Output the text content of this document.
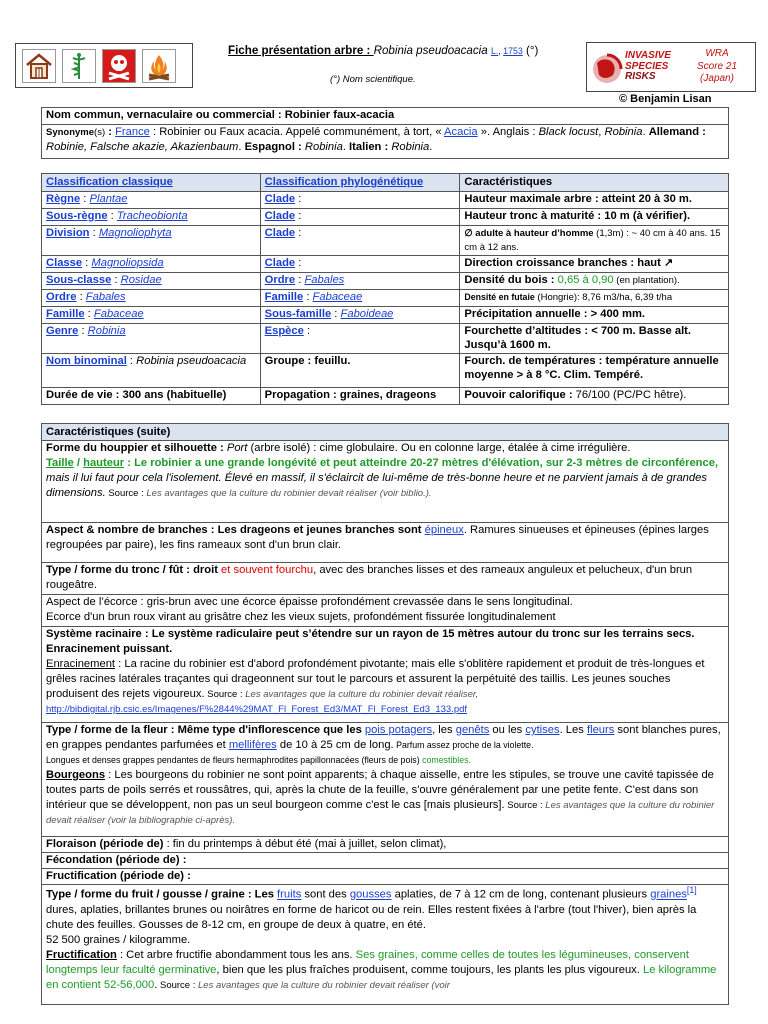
Fiche présentation arbre : Robinia pseudoacacia L., 1753 (°)
(°) Nom scientifique.
INVASIVE
SPECIES
RISKS
WRA
Score 21
(Japan)
© Benjamin Lisan
Nom commun, vernaculaire ou commercial : Robinier faux-acacia
Synonyme(s) : France : Robinier ou Faux acacia. Appelé communément, à tort, « Acacia ». Anglais : Black locust, Robinia. Allemand : Robinie, Falsche akazie, Akazienbaum. Espagnol : Robinia. Italien : Robinia.
Classification classique	Classification phylogénétique	Caractéristiques
Règne : Plantae	Clade :	Hauteur maximale arbre : atteint 20 à 30 m.
Sous-règne : Tracheobionta	Clade :	Hauteur tronc à maturité : 10 m (à vérifier).
Division : Magnoliophyta	Clade :	∅ adulte à hauteur d’homme (1,3m) : ~ 40 cm à 40 ans. 15 cm à 12 ans.
Classe : Magnoliopsida	Clade :	Direction croissance branches : haut ↗
Sous-classe : Rosidae	Ordre : Fabales	Densité du bois : 0,65 à 0,90 (en plantation).
Ordre : Fabales	Famille : Fabaceae	Densité en futaie (Hongrie): 8,76 m3/ha, 6,39 t/ha
Famille : Fabaceae	Sous-famille : Faboideae	Précipitation annuelle : > 400 mm.
Genre : Robinia	Espèce :	Fourchette d’altitudes : < 700 m. Basse alt. Jusqu’à 1600 m.
Nom binominal : Robinia pseudoacacia	Groupe : feuillu.	Fourch. de températures : température annuelle moyenne > à 8 °C. Clim. Tempéré.
Durée de vie : 300 ans (habituelle)	Propagation : graines, drageons	Pouvoir calorifique : 76/100 (PC/PC hêtre).
Caractéristiques (suite)
Forme du houppier et silhouette : Port (arbre isolé) : cime globulaire. Ou en colonne large, étalée à cime irrégulière.
Taille / hauteur : Le robinier a une grande longévité et peut atteindre 20-27 mètres d'élévation, sur 2-3 mètres de circonférence, mais il lui faut pour cela l'isolement. Élevé en massif, il s'éclaircit de lui-même de très-bonne heure et ne parvient jamais à de grandes dimensions. Source : Les avantages que la culture du robinier devait réaliser (voir biblio.).
Aspect & nombre de branches : Les drageons et jeunes branches sont épineux. Ramures sinueuses et épineuses (épines larges regroupées par paire), les fins rameaux sont d'un brun clair.
Type / forme du tronc / fût : droit et souvent fourchu, avec des branches lisses et des rameaux anguleux et pelucheux, d'un brun rougeâtre.

Aspect de l’écorce : gris-brun avec une écorce épaisse profondément crevassée dans le sens longitudinal.
Ecorce d'un brun roux virant au grisâtre chez les vieux sujets, profondément fissurée longitudinalement

Système racinaire : Le système radiculaire peut s’étendre sur un rayon de 15 mètres autour du tronc sur les terrains secs. Enracinement puissant.
Enracinement : La racine du robinier est d'abord profondément pivotante; mais elle s'oblitère rapidement et produit de très-longues et grêles racines latérales traçantes qui drageonnent sur tout le parcours et assurent la perpétuité des taillis. Les jeunes souches produisent des rejets vigoureux. Source : Les avantages que la culture du robinier devait réaliser, http://bibdigital.rjb.csic.es/Imagenes/F%2844%29MAT_Fl_Forest_Ed3/MAT_Fl_Forest_Ed3_133.pdf
Type / forme de la fleur : Même type d'inflorescence que les pois potagers, les genêts ou les cytises. Les fleurs sont blanches pures, en grappes pendantes parfumées et mellifères de 10 à 25 cm de long. Parfum assez proche de la violette.
Longues et denses grappes pendantes de fleurs hermaphrodites papillonnacées (fleurs de pois) comestibles.
Bourgeons : Les bourgeons du robinier ne sont point apparents; à chaque aisselle, entre les stipules, se trouve une cavité tapissée de toutes parts de poils serrés et roussâtres, qui, après la chute de la feuille, s'ouvre généralement par une petite fente. C'est dans son intérieur que se développent, non pas un seul bourgeon comme c'est le cas [mais plusieurs]. Source : Les avantages que la culture du robinier devait réaliser (voir la bibliographie ci-après).
Floraison (période de) : fin du printemps à début été (mai à juillet, selon climat),
Fécondation (période de) :
Fructification (période de) :
Type / forme du fruit / gousse / graine : Les fruits sont des gousses aplaties, de 7 à 12 cm de long, contenant plusieurs graines[1] dures, aplaties, brillantes brunes ou noirâtres en forme de haricot ou de rein. Elles restent fixées à l'arbre (tout l'hiver), bien après la chute des feuilles. Gousses de 8-12 cm, en groupe de deux à quatre, en été.
52 500 graines / kilogramme.
Fructification : Cet arbre fructifie abondamment tous les ans. Ses graines, comme celles de toutes les légumineuses, conservent longtemps leur faculté germinative, bien que les plus fraîches produisent, comme toujours, les plants les plus vigoureux. Le kilogramme en contient 52-56,000. Source : Les avantages que la culture du robinier devait réaliser (voir
